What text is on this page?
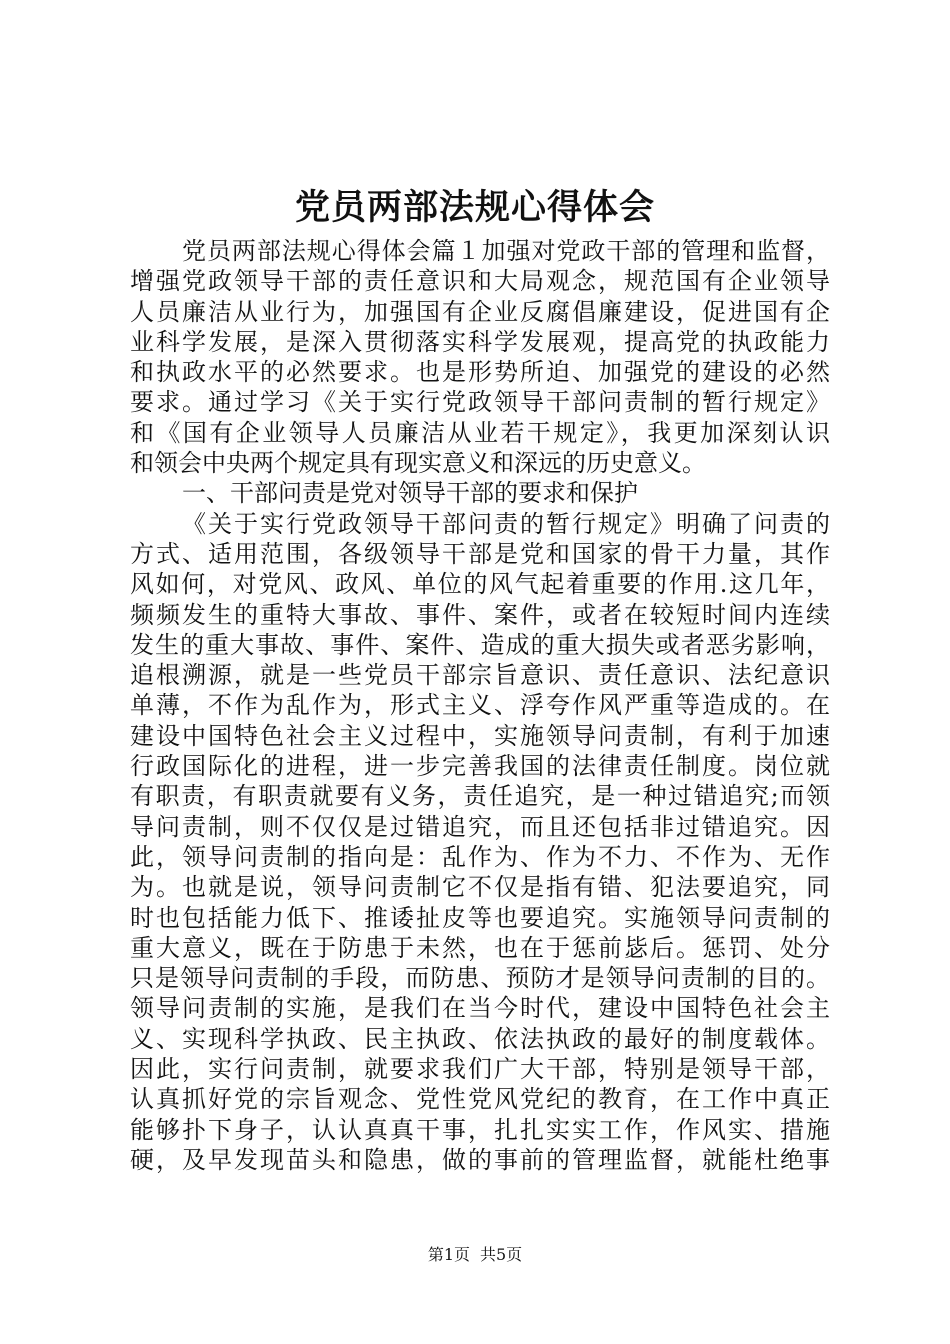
党员两部法规心得体会
党员两部法规心得体会篇１加强对党政干部的管理和监督，
增强党政领导干部的责任意识和大局观念，规范国有企业领导
人员廉洁从业行为，加强国有企业反腐倡廉建设，促进国有企
业科学发展，是深入贯彻落实科学发展观，提高党的执政能力
和执政水平的必然要求。也是形势所迫、加强党的建设的必然
要求。通过学习《关于实行党政领导干部问责制的暂行规定》
和《国有企业领导人员廉洁从业若干规定》，我更加深刻认识
和领会中央两个规定具有现实意义和深远的历史意义。
一、干部问责是党对领导干部的要求和保护
《关于实行党政领导干部问责的暂行规定》明确了问责的
方式、适用范围，各级领导干部是党和国家的骨干力量，其作
风如何，对党风、政风、单位的风气起着重要的作用.这几年，
频频发生的重特大事故、事件、案件，或者在较短时间内连续
发生的重大事故、事件、案件、造成的重大损失或者恶劣影响，
追根溯源，就是一些党员干部宗旨意识、责任意识、法纪意识
单薄，不作为乱作为，形式主义、浮夸作风严重等造成的。在
建设中国特色社会主义过程中，实施领导问责制，有利于加速
行政国际化的进程，进一步完善我国的法律责任制度。岗位就
有职责，有职责就要有义务，责任追究，是一种过错追究;而领
导问责制，则不仅仅是过错追究，而且还包括非过错追究。因
此，领导问责制的指向是：乱作为、作为不力、不作为、无作
为。也就是说，领导问责制它不仅是指有错、犯法要追究，同
时也包括能力低下、推诿扯皮等也要追究。实施领导问责制的
重大意义，既在于防患于未然，也在于惩前毖后。惩罚、处分
只是领导问责制的手段，而防患、预防才是领导问责制的目的。
领导问责制的实施，是我们在当今时代，建设中国特色社会主
义、实现科学执政、民主执政、依法执政的最好的制度载体。
因此，实行问责制，就要求我们广大干部，特别是领导干部，
认真抓好党的宗旨观念、党性党风党纪的教育，在工作中真正
能够扑下身子，认认真真干事，扎扎实实工作，作风实、措施
硬，及早发现苗头和隐患，做的事前的管理监督，就能杜绝事
第1页 共5页
